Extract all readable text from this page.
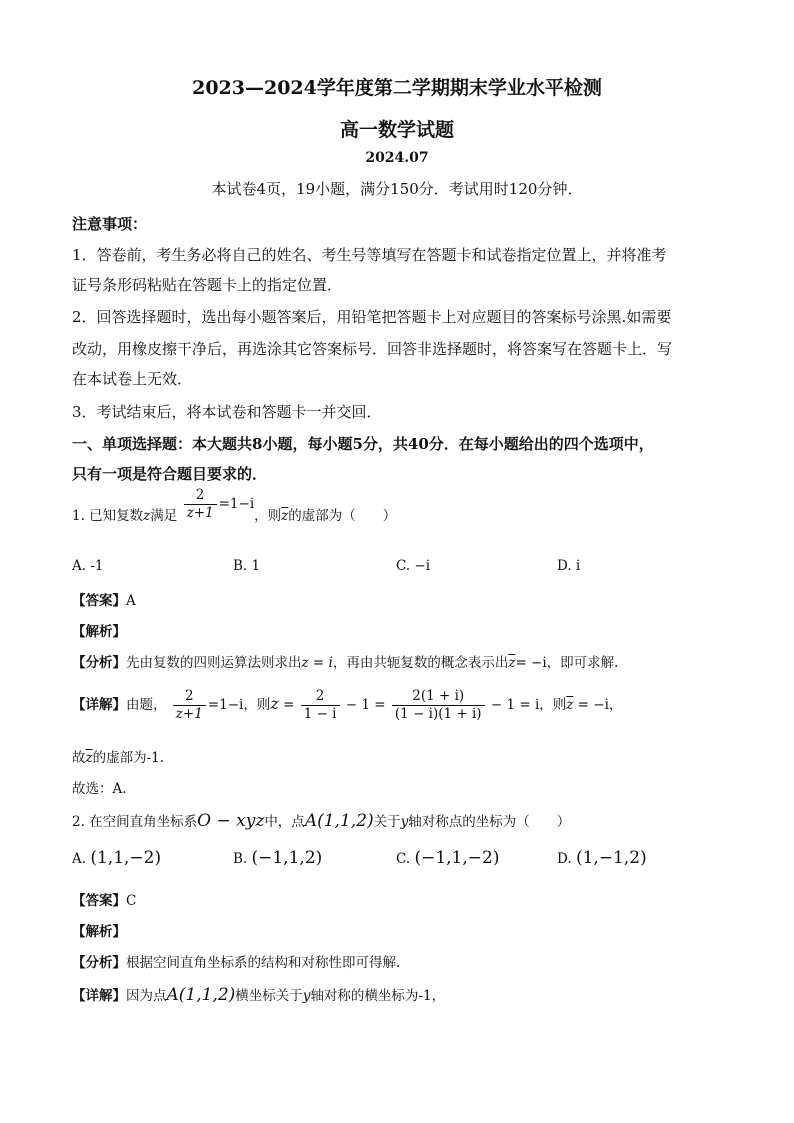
2023—2024学年度第二学期期末学业水平检测
高一数学试题
2024.07
本试卷4页，19小题，满分150分．考试用时120分钟．
注意事项：
1．答卷前，考生务必将自己的姓名、考生号等填写在答题卡和试卷指定位置上，并将准考
证号条形码粘贴在答题卡上的指定位置．
2．回答选择题时，选出每小题答案后，用铅笔把答题卡上对应题目的答案标号涂黑.如需要
改动，用橡皮擦干净后，再选涂其它答案标号．回答非选择题时，将答案写在答题卡上．写
在本试卷上无效．
3．考试结束后，将本试卷和答题卡一并交回．
一、单项选择题：本大题共8小题，每小题5分，共40分．在每小题给出的四个选项中，
只有一项是符合题目要求的．
1. 已知复数z满足 $\frac{2}{z+1} =1-i$，则$\overline{z}$的虚部为（　　）
A. -1	B. 1	C. −i	D. i
【答案】A
【解析】
【分析】先由复数的四则运算法则求出z = i，再由共轭复数的概念表示出$\overline{z}= -i$，即可求解.
【详解】由题， $\frac{2}{z+1} =1-i$，则$z = \frac{2}{1 - i} - 1 = \frac{2(1 + i)}{(1 - i)(1 + i)} - 1 = i$，则$\overline{z} = -i$，
故$\overline{z}$的虚部为-1.
故选：A.
2. 在空间直角坐标系O − xyz中，点A(1,1,2)关于y轴对称点的坐标为（　　）
A. (1,1,−2)	B. (−1,1,2)	C. (−1,1,−2)	D. (1,−1,2)
【答案】C
【解析】
【分析】根据空间直角坐标系的结构和对称性即可得解.
【详解】因为点A(1,1,2)横坐标关于y轴对称的横坐标为-1，
